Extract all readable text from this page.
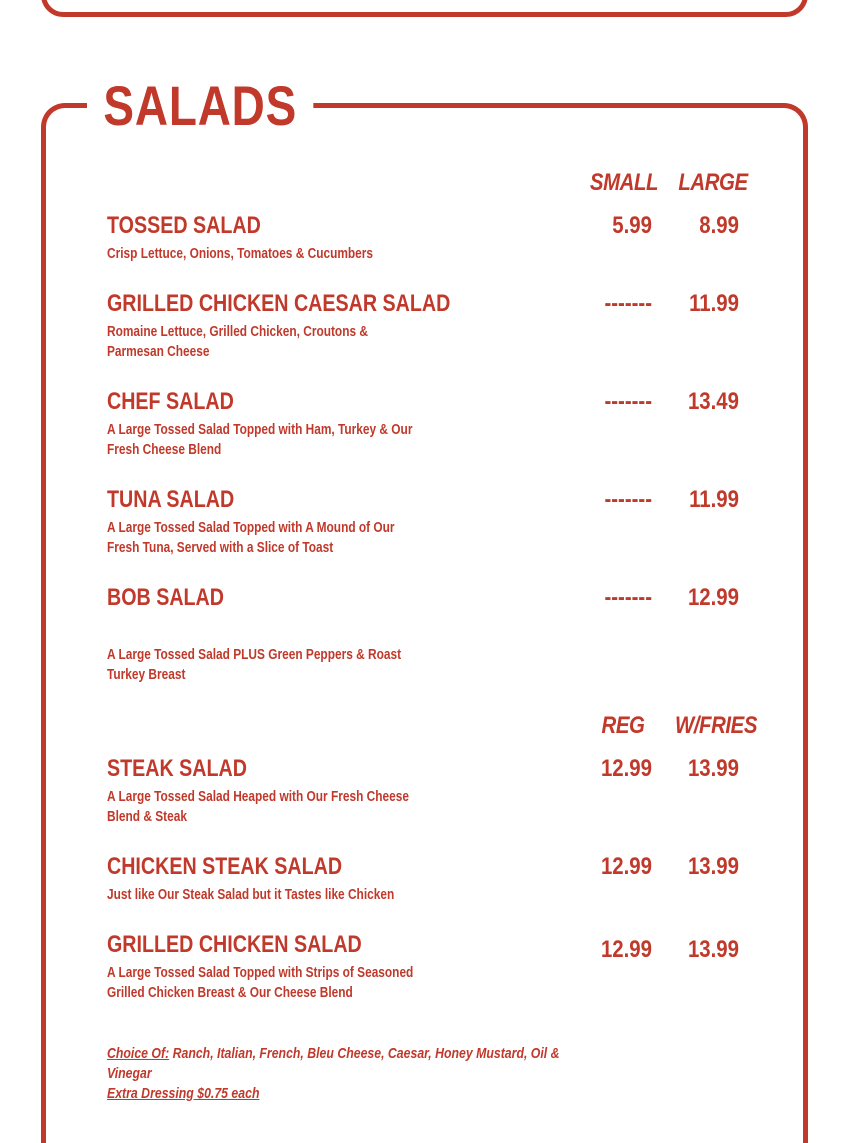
SALADS
SMALL LARGE
TOSSED SALAD
Crisp Lettuce, Onions, Tomatoes & Cucumbers
5.99	8.99
GRILLED CHICKEN CAESAR SALAD
Romaine Lettuce, Grilled Chicken, Croutons & Parmesan Cheese
-------	11.99
CHEF SALAD
A Large Tossed Salad Topped with Ham, Turkey & Our Fresh Cheese Blend
-------	13.49
TUNA SALAD
A Large Tossed Salad Topped with A Mound of Our Fresh Tuna, Served with a Slice of Toast
-------	11.99
BOB SALAD
A Large Tossed Salad PLUS Green Peppers & Roast Turkey Breast
-------	12.99
REG	W/FRIES
STEAK SALAD
A Large Tossed Salad Heaped with Our Fresh Cheese Blend & Steak
12.99	13.99
CHICKEN STEAK SALAD
Just like Our Steak Salad but it Tastes like Chicken
12.99	13.99
GRILLED CHICKEN SALAD
A Large Tossed Salad Topped with Strips of Seasoned Grilled Chicken Breast & Our Cheese Blend
12.99	13.99
Choice Of: Ranch, Italian, French, Bleu Cheese, Caesar, Honey Mustard, Oil & Vinegar
Extra Dressing $0.75 each
